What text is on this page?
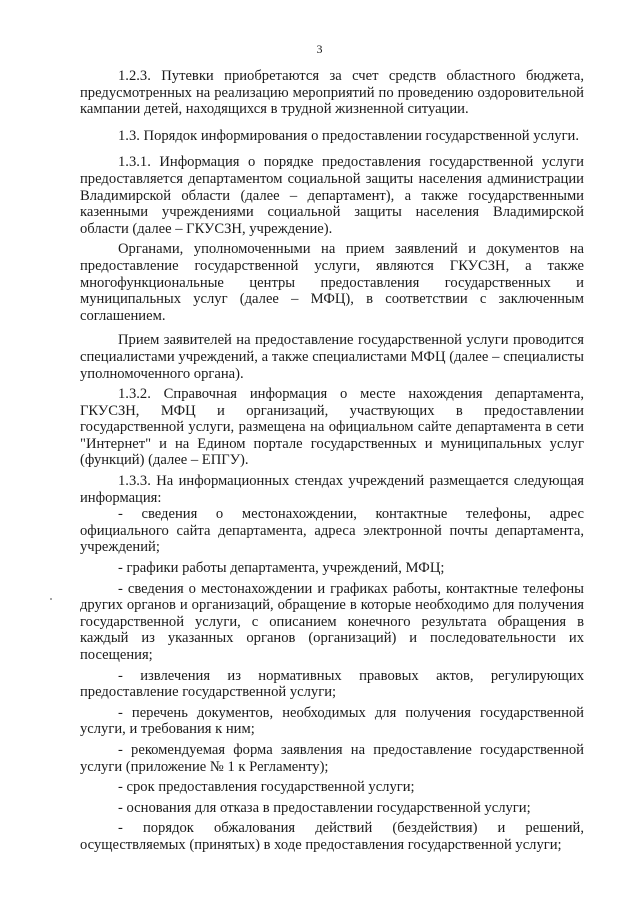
3

1.2.3. Путевки приобретаются за счет средств областного бюджета, предусмотренных на реализацию мероприятий по проведению оздоровительной кампании детей, находящихся в трудной жизненной ситуации.

1.3. Порядок информирования о предоставлении государственной услуги.

1.3.1. Информация о порядке предоставления государственной услуги предоставляется департаментом социальной защиты населения администрации Владимирской области (далее – департамент), а также государственными казенными учреждениями социальной защиты населения Владимирской области (далее – ГКУСЗН, учреждение).

Органами, уполномоченными на прием заявлений и документов на предоставление государственной услуги, являются ГКУСЗН, а также многофункциональные центры предоставления государственных и муниципальных услуг (далее – МФЦ), в соответствии с заключенным соглашением.

Прием заявителей на предоставление государственной услуги проводится специалистами учреждений, а также специалистами МФЦ (далее – специалисты уполномоченного органа).

1.3.2. Справочная информация о месте нахождения департамента, ГКУСЗН, МФЦ и организаций, участвующих в предоставлении государственной услуги, размещена на официальном сайте департамента в сети "Интернет" и на Едином портале государственных и муниципальных услуг (функций) (далее – ЕПГУ).

1.3.3. На информационных стендах учреждений размещается следующая информация:

- сведения о местонахождении, контактные телефоны, адрес официального сайта департамента, адреса электронной почты департамента, учреждений;

- графики работы департамента, учреждений, МФЦ;

- сведения о местонахождении и графиках работы, контактные телефоны других органов и организаций, обращение в которые необходимо для получения государственной услуги, с описанием конечного результата обращения в каждый из указанных органов (организаций) и последовательности их посещения;

- извлечения из нормативных правовых актов, регулирующих предоставление государственной услуги;

- перечень документов, необходимых для получения государственной услуги, и требования к ним;

- рекомендуемая форма заявления на предоставление государственной услуги (приложение № 1 к Регламенту);

- срок предоставления государственной услуги;

- основания для отказа в предоставлении государственной услуги;

- порядок обжалования действий (бездействия) и решений, осуществляемых (принятых) в ходе предоставления государственной услуги;
